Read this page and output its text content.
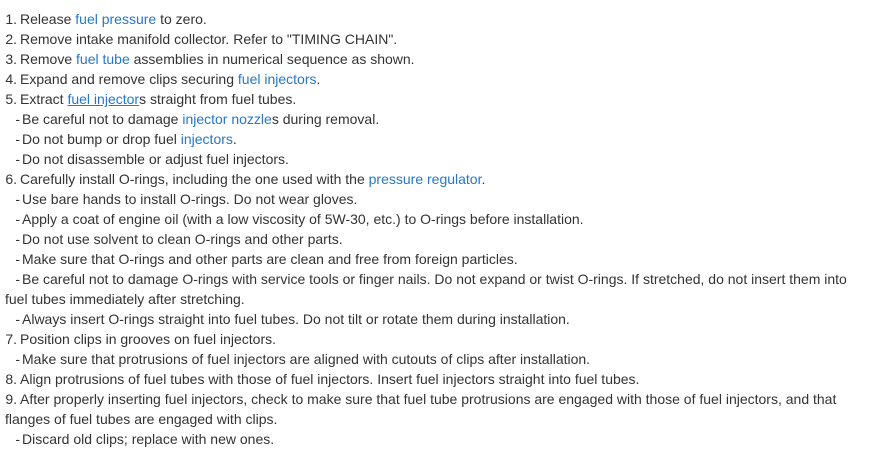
1. Release fuel pressure to zero.
2. Remove intake manifold collector. Refer to "TIMING CHAIN".
3. Remove fuel tube assemblies in numerical sequence as shown.
4. Expand and remove clips securing fuel injectors.
5. Extract fuel injectors straight from fuel tubes.
- Be careful not to damage injector nozzles during removal.
- Do not bump or drop fuel injectors.
- Do not disassemble or adjust fuel injectors.
6. Carefully install O-rings, including the one used with the pressure regulator.
- Use bare hands to install O-rings. Do not wear gloves.
- Apply a coat of engine oil (with a low viscosity of 5W-30, etc.) to O-rings before installation.
- Do not use solvent to clean O-rings and other parts.
- Make sure that O-rings and other parts are clean and free from foreign particles.
- Be careful not to damage O-rings with service tools or finger nails. Do not expand or twist O-rings. If stretched, do not insert them into fuel tubes immediately after stretching.
- Always insert O-rings straight into fuel tubes. Do not tilt or rotate them during installation.
7. Position clips in grooves on fuel injectors.
- Make sure that protrusions of fuel injectors are aligned with cutouts of clips after installation.
8. Align protrusions of fuel tubes with those of fuel injectors. Insert fuel injectors straight into fuel tubes.
9. After properly inserting fuel injectors, check to make sure that fuel tube protrusions are engaged with those of fuel injectors, and that flanges of fuel tubes are engaged with clips.
- Discard old clips; replace with new ones.
